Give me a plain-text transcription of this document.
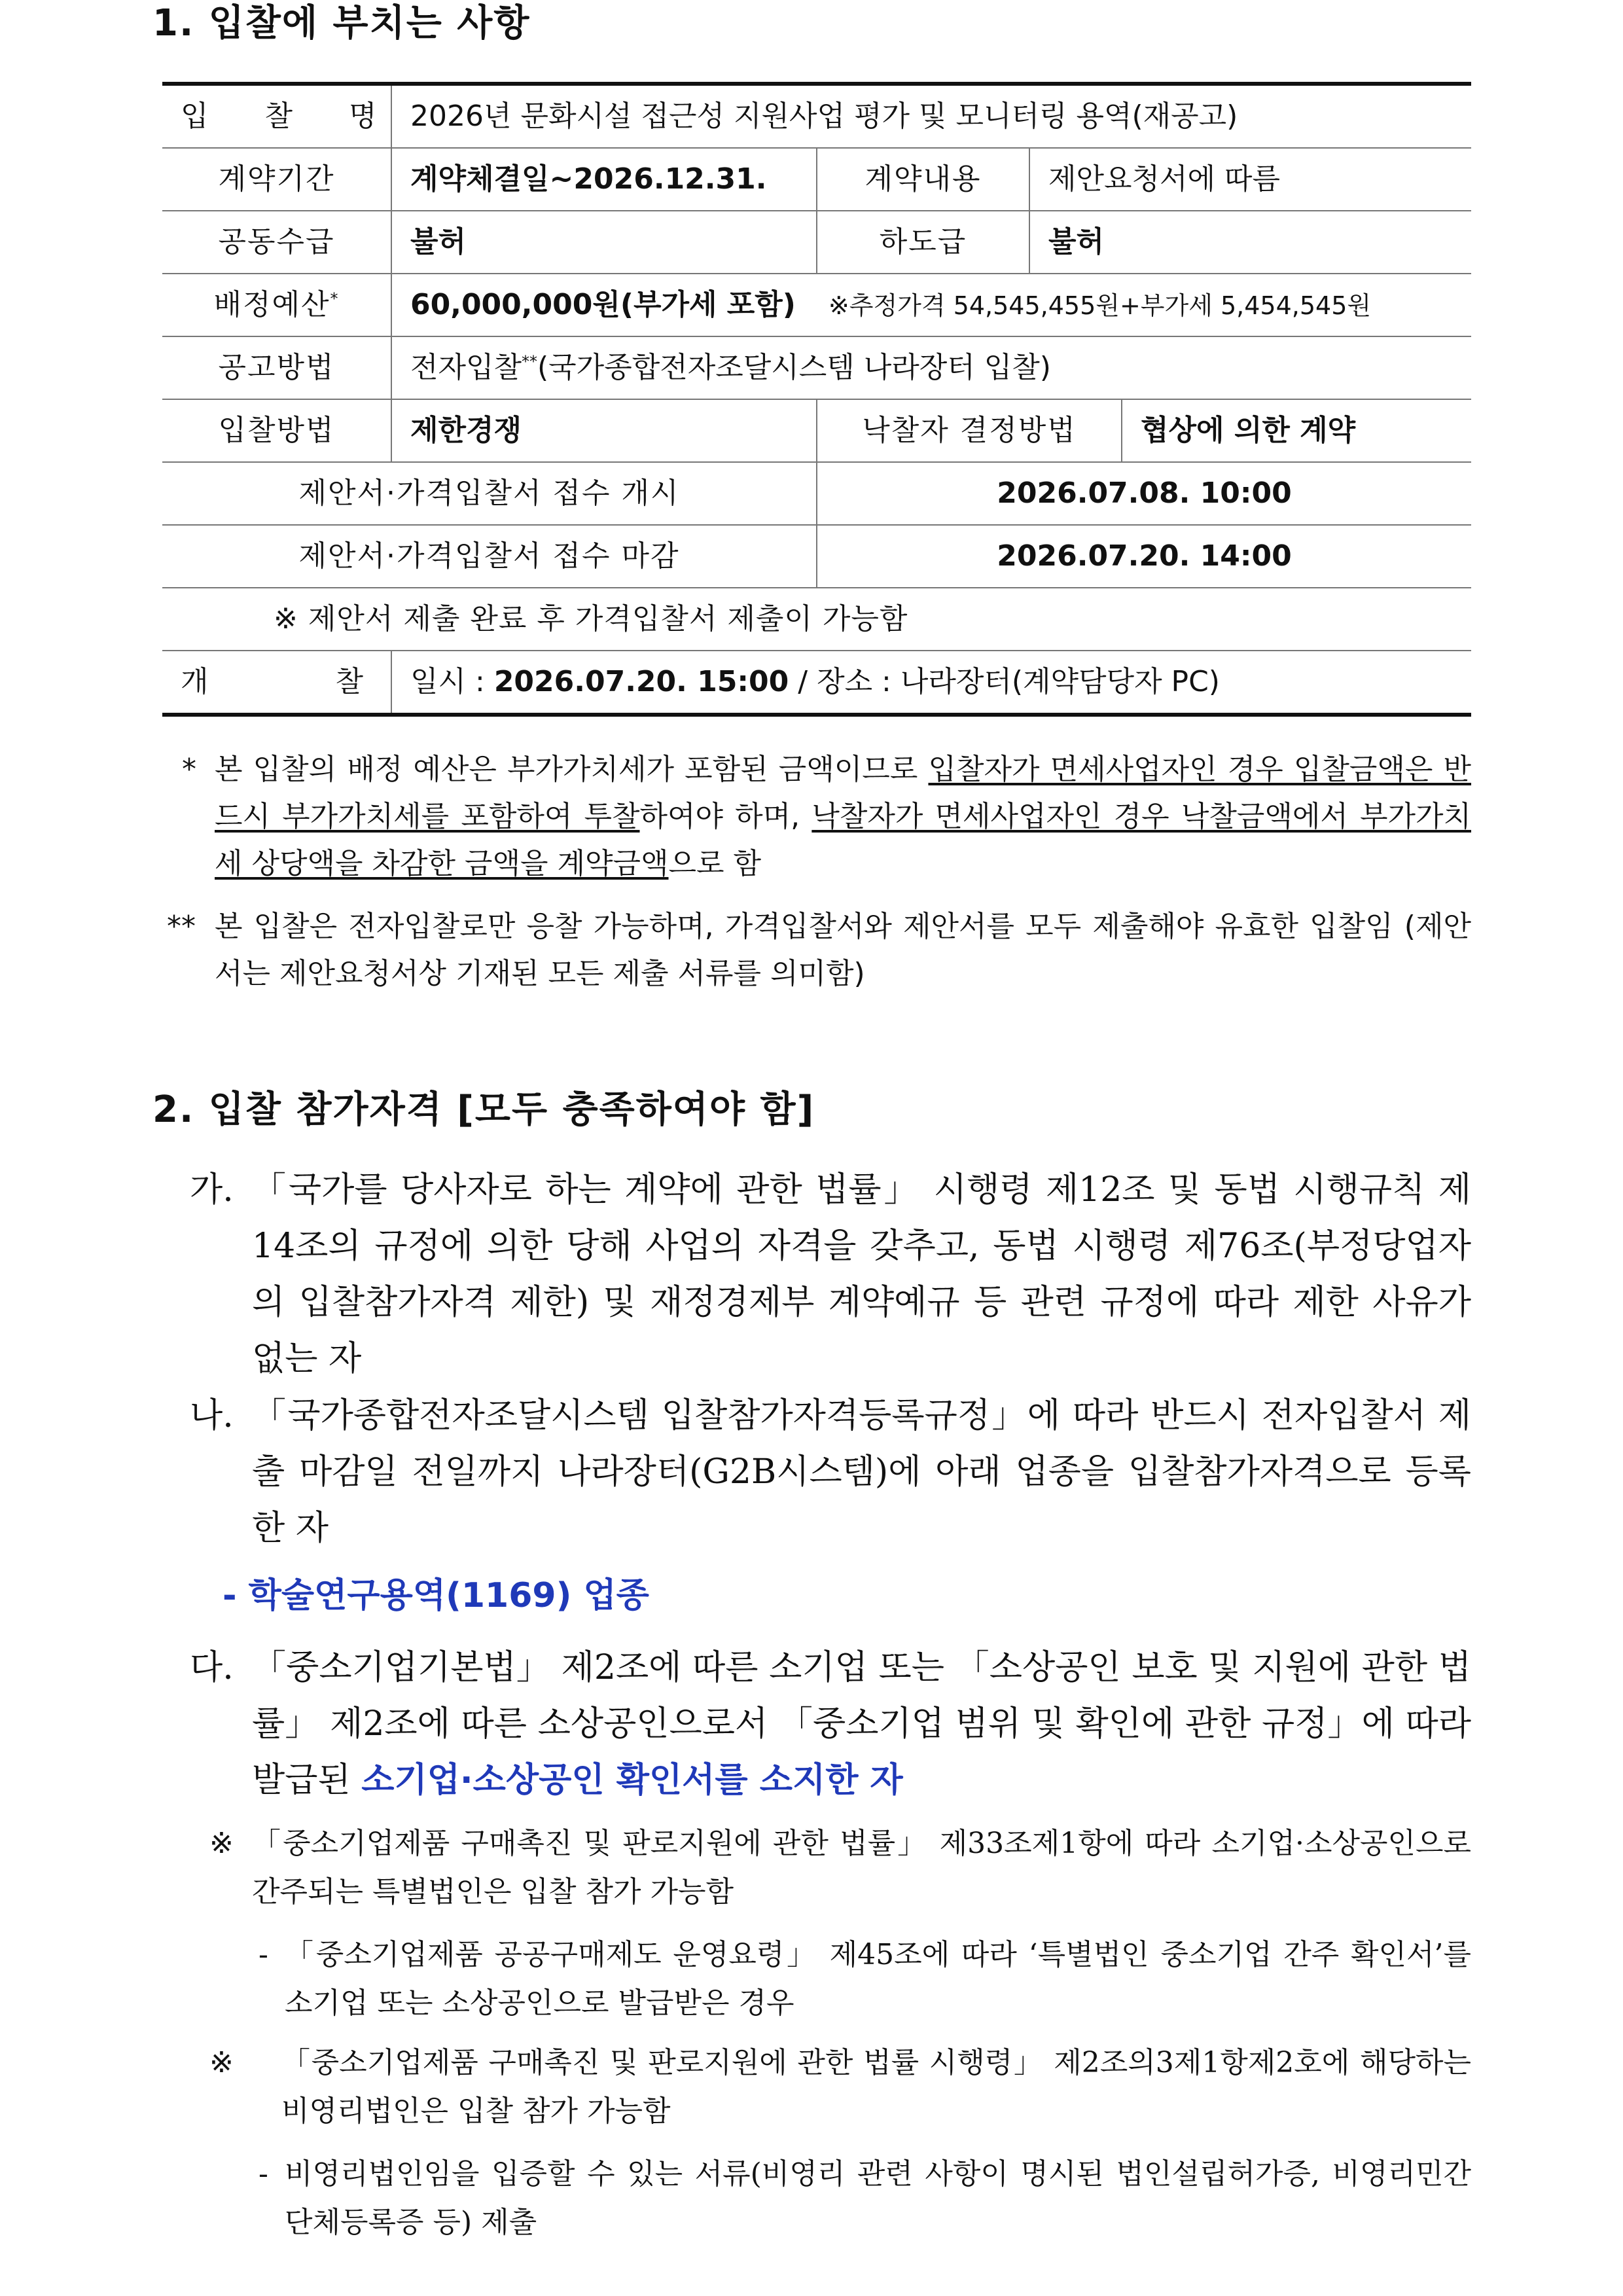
1. 입찰에 부치는 사항
입 찰 명	2026년 문화시설 접근성 지원사업 평가 및 모니터링 용역(재공고)			
계약기간	계약체결일~2026.12.31.	계약내용	제안요청서에 따름	
공동수급	불허	하도급	불허	
배정예산*	60,000,000원(부가세 포함) ※추정가격 54,545,455원+부가세 5,454,545원			
공고방법	전자입찰**(국가종합전자조달시스템 나라장터 입찰)			
입찰방법	제한경쟁	낙찰자 결정방법		협상에 의한 계약
제안서·가격입찰서 접수 개시		2026.07.08. 10:00		
제안서·가격입찰서 접수 마감		2026.07.20. 14:00		
※ 제안서 제출 완료 후 가격입찰서 제출이 가능함				
개 찰	일시 : 2026.07.20. 15:00 / 장소 : 나라장터(계약담당자 PC)			
* 본 입찰의 배정 예산은 부가가치세가 포함된 금액이므로 입찰자가 면세사업자인 경우 입찰금액은 반드시 부가가치세를 포함하여 투찰하여야 하며, 낙찰자가 면세사업자인 경우 낙찰금액에서 부가가치세 상당액을 차감한 금액을 계약금액으로 함
** 본 입찰은 전자입찰로만 응찰 가능하며, 가격입찰서와 제안서를 모두 제출해야 유효한 입찰임 (제안서는 제안요청서상 기재된 모든 제출 서류를 의미함)
2. 입찰 참가자격 [모두 충족하여야 함]
가. 「국가를 당사자로 하는 계약에 관한 법률」 시행령 제12조 및 동법 시행규칙 제14조의 규정에 의한 당해 사업의 자격을 갖추고, 동법 시행령 제76조(부정당업자의 입찰참가자격 제한) 및 재정경제부 계약예규 등 관련 규정에 따라 제한 사유가 없는 자
나. 「국가종합전자조달시스템 입찰참가자격등록규정」에 따라 반드시 전자입찰서 제출 마감일 전일까지 나라장터(G2B시스템)에 아래 업종을 입찰참가자격으로 등록한 자
- 학술연구용역(1169) 업종
다. 「중소기업기본법」 제2조에 따른 소기업 또는 「소상공인 보호 및 지원에 관한 법률」 제2조에 따른 소상공인으로서 「중소기업 범위 및 확인에 관한 규정」에 따라 발급된 소기업·소상공인 확인서를 소지한 자
※ 「중소기업제품 구매촉진 및 판로지원에 관한 법률」 제33조제1항에 따라 소기업·소상공인으로 간주되는 특별법인은 입찰 참가 가능함
- 「중소기업제품 공공구매제도 운영요령」 제45조에 따라 ‘특별법인 중소기업 간주 확인서’를 소기업 또는 소상공인으로 발급받은 경우
※	「중소기업제품 구매촉진 및 판로지원에 관한 법률 시행령」 제2조의3제1항제2호에 해당하는 비영리법인은 입찰 참가 가능함
- 비영리법인임을 입증할 수 있는 서류(비영리 관련 사항이 명시된 법인설립허가증, 비영리민간단체등록증 등) 제출
